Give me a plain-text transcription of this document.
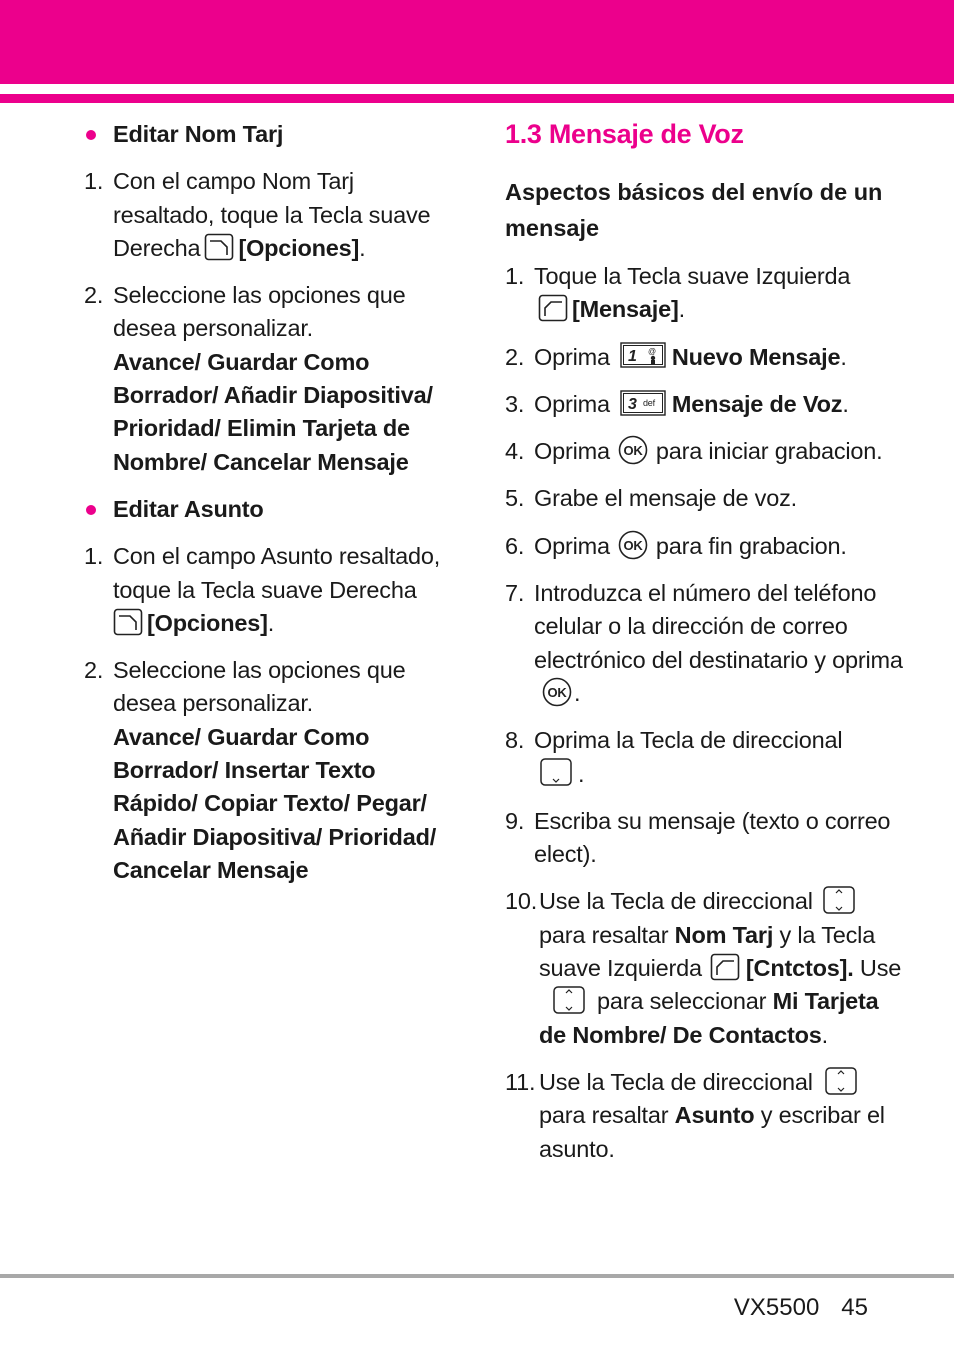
Editar Nom Tarj
1. Con el campo Nom Tarj resaltado, toque la Tecla suave Derecha [Opciones].
2. Seleccione las opciones que desea personalizar.
Avance/ Guardar Como Borrador/ Añadir Diapositiva/ Prioridad/ Elimin Tarjeta de Nombre/ Cancelar Mensaje
Editar Asunto
1. Con el campo Asunto resaltado, toque la Tecla suave Derecha

[Opciones].
2. Seleccione las opciones que desea personalizar.
Avance/ Guardar Como Borrador/ Insertar Texto Rápido/ Copiar Texto/ Pegar/ Añadir Diapositiva/ Prioridad/ Cancelar Mensaje
1.3 Mensaje de Voz
Aspectos básicos del envío de un mensaje
1. Toque la Tecla suave Izquierda

[Mensaje].
2. Oprima 1 @ Nuevo Mensaje.
3. Oprima 3 def Mensaje de Voz.
4. Oprima OK para iniciar grabacion.
5. Grabe el mensaje de voz.
6. Oprima OK para fin grabacion.
7. Introduzca el número del teléfono celular o la dirección de correo electrónico del destinatario y oprima
OK .
8. Oprima la Tecla de direccional

.
9. Escriba su mensaje (texto o correo elect).
10. Use la Tecla de direccional
para resaltar Nom Tarj y la Tecla suave Izquierda [Cntctos]. Use
para seleccionar Mi Tarjeta de Nombre/ De Contactos.
11. Use la Tecla de direccional
para resaltar Asunto y escribar el asunto.
VX5500 45
